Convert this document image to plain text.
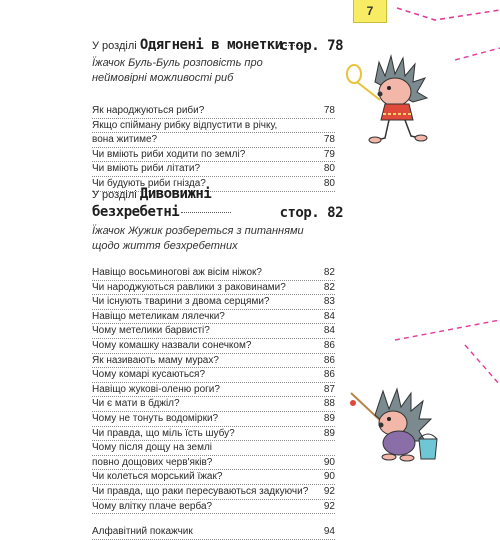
7
У розділі Одягнені в монетки
стор. 78
Їжачок Буль-Буль розповість про
неймовірні можливості риб
Як народжуються риби?	78
Якщо спійману рибку відпустити в річку,
вона житиме?	78
Чи вміють риби ходити по землі?	79
Чи вміють риби літати?	80
Чи будують риби гнізда?	80
У розділі Дивовижні
безхребетні	стор. 82
Їжачок Жужик розбереться з питаннями
щодо життя безхребетних
Навіщо восьминогові аж вісім ніжок?	82
Чи народжуються равлики з раковинами?	82
Чи існують тварини з двома серцями?	83
Навіщо метеликам лялечки?	84
Чому метелики барвисті?	84
Чому комашку назвали сонечком?	86
Як називають маму мурах?	86
Чому комарі кусаються?	86
Навіщо жукові-оленю роги?	87
Чи є мати в бджіл?	88
Чому не тонуть водомірки?	89
Чи правда, що міль їсть шубу?	89
Чому після дощу на землі
повно дощових черв'яків?	90
Чи колеться морський їжак?	90
Чи правда, що раки пересуваються задкуючи? 92
Чому влітку плаче верба?	92
Алфавітний покажчик	94
